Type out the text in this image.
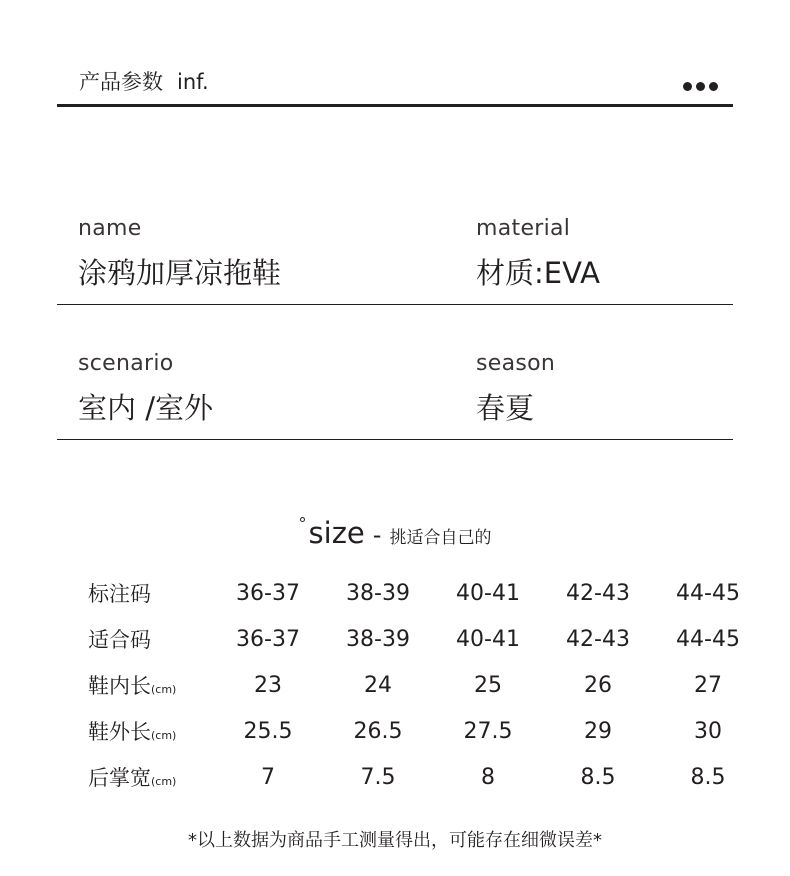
产品参数 inf.
name
涂鸦加厚凉拖鞋
material
材质:EVA
scenario
室内 /室外
season
春夏
°size - 挑适合自己的
标注码	36-37	38-39	40-41	42-43	44-45
适合码	36-37	38-39	40-41	42-43	44-45
鞋内长(cm)	23	24	25	26	27
鞋外长(cm)	25.5	26.5	27.5	29	30
后掌宽(cm)	7	7.5	8	8.5	8.5
*以上数据为商品手工测量得出，可能存在细微误差*
